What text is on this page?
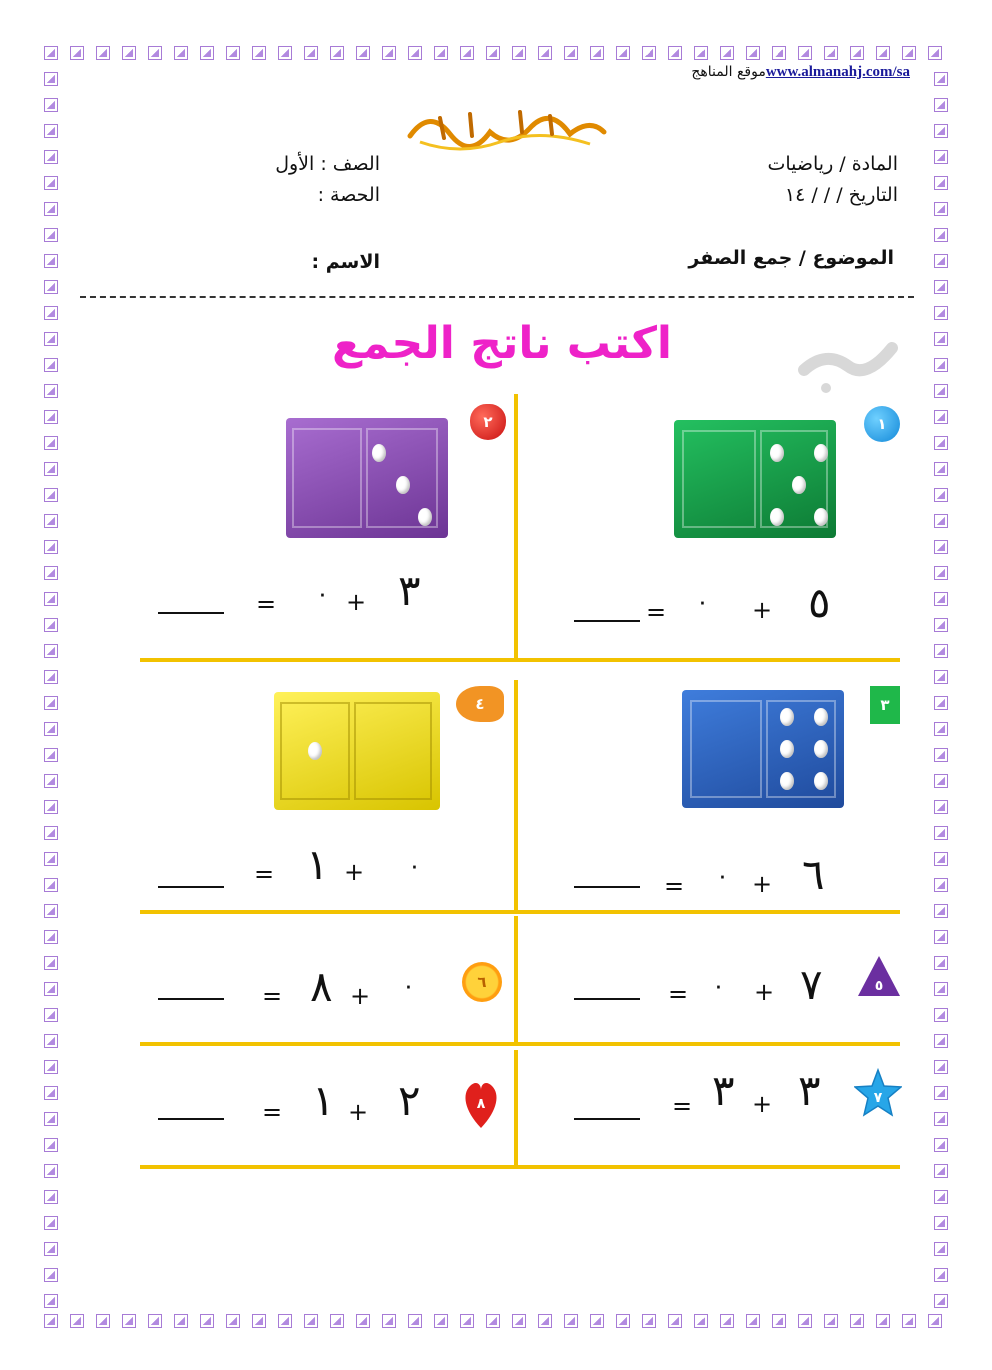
موقع المناهجwww.almanahj.com/sa
المادة / رياضيات
الصف : الأول
التاريخ / / / ١٤
الحصة :
الموضوع / جمع الصفر
الاسم :
اكتب ناتج الجمع
١
٢
٣
٤
٥
٦
٧
٨
٥
+
٠
=
٣
+
٠
=
٦
+
٠
=
٠
+
١
=
٧
+
٠
=
٠
+
٨
=
٣
+
٣
=
٢
+
١
=
